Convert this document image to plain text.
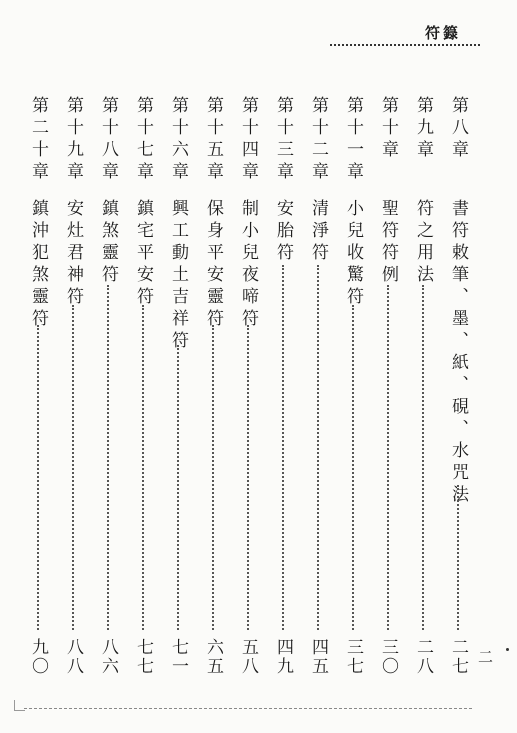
符籙
第八章
書符敕筆、墨、紙、硯、水咒法
二七
第九章
符之用法
二八
第十章
聖符符例
三〇
第十一章
小兒收驚符
三七
第十二章
清淨符
四五
第十三章
安胎符
四九
第十四章
制小兒夜啼符
五八
第十五章
保身平安靈符
六五
第十六章
興工動土吉祥符
七一
第十七章
鎮宅平安符
七七
第十八章
鎮煞靈符
八六
第十九章
安灶君神符
八八
第二十章
鎮沖犯煞靈符
九〇	二
